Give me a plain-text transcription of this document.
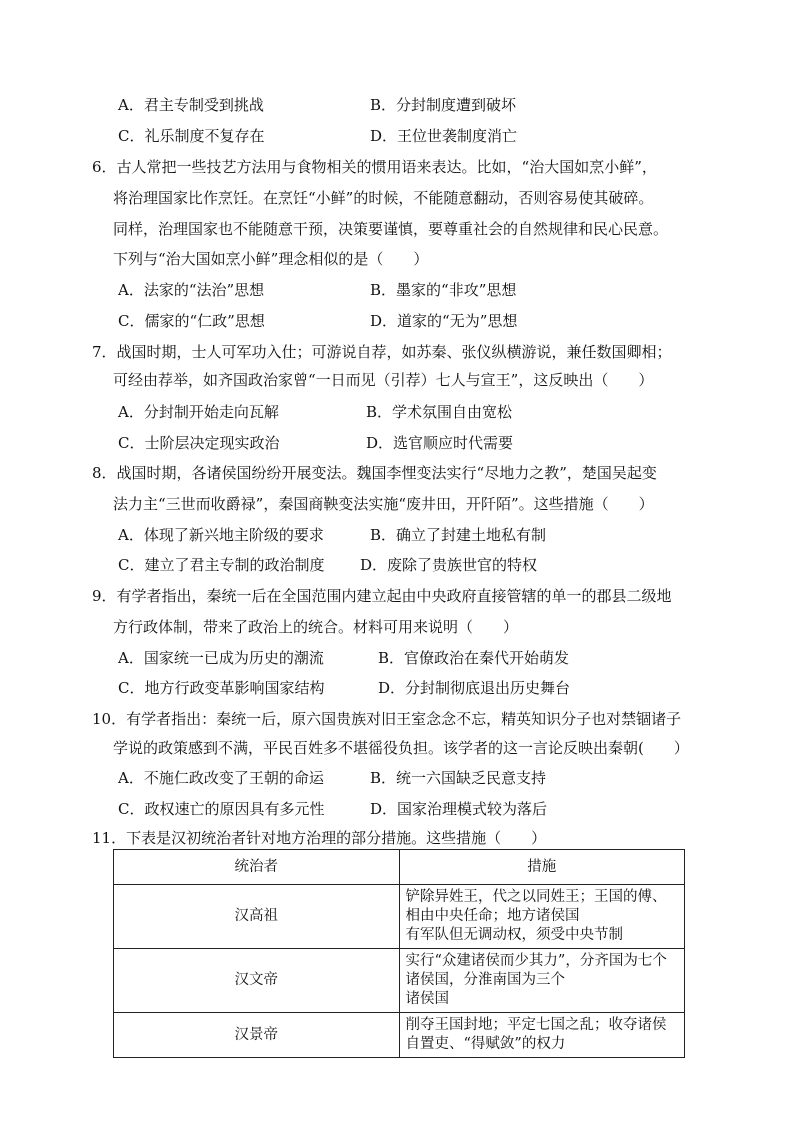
A．君主专制受到挑战	B．分封制度遭到破坏
C．礼乐制度不复存在	D．王位世袭制度消亡
6．古人常把一些技艺方法用与食物相关的惯用语来表达。比如，“治大国如烹小鲜”，
将治理国家比作烹饪。在烹饪“小鲜”的时候，不能随意翻动，否则容易使其破碎。
同样，治理国家也不能随意干预，决策要谨慎，要尊重社会的自然规律和民心民意。
下列与“治大国如烹小鲜”理念相似的是（　　）
A．法家的“法治”思想	B．墨家的“非攻”思想
C．儒家的“仁政”思想	D．道家的“无为”思想
7．战国时期，士人可军功入仕；可游说自荐，如苏秦、张仪纵横游说，兼任数国卿相；
可经由荐举，如齐国政治家曾“一日而见（引荐）七人与宣王”，这反映出（　　）
A．分封制开始走向瓦解	B．学术氛围自由宽松
C．士阶层决定现实政治	D．选官顺应时代需要
8．战国时期，各诸侯国纷纷开展变法。魏国李悝变法实行“尽地力之教”，楚国吴起变
法力主“三世而收爵禄”，秦国商鞅变法实施“废井田，开阡陌”。这些措施（　　）
A．体现了新兴地主阶级的要求	B．确立了封建土地私有制
C．建立了君主专制的政治制度 D．废除了贵族世官的特权
9．有学者指出，秦统一后在全国范围内建立起由中央政府直接管辖的单一的郡县二级地
方行政体制，带来了政治上的统合。材料可用来说明（　　）
A．国家统一已成为历史的潮流	B．官僚政治在秦代开始萌发
C．地方行政变革影响国家结构	D．分封制彻底退出历史舞台
10．有学者指出：秦统一后，原六国贵族对旧王室念念不忘，精英知识分子也对禁锢诸子
学说的政策感到不满，平民百姓多不堪徭役负担。该学者的这一言论反映出秦朝(　　）
A．不施仁政改变了王朝的命运	B．统一六国缺乏民意支持
C．政权速亡的原因具有多元性	D．国家治理模式较为落后
11．下表是汉初统治者针对地方治理的部分措施。这些措施（　　）
统治者	措施
汉高祖	铲除异姓王，代之以同姓王；王国的傅、相由中央任命；地方诸侯国
有军队但无调动权，须受中央节制

汉文帝	实行“众建诸侯而少其力”，分齐国为七个诸侯国，分淮南国为三个
诸侯国

汉景帝	削夺王国封地；平定七国之乱；收夺诸侯自置吏、“得赋敛”的权力
